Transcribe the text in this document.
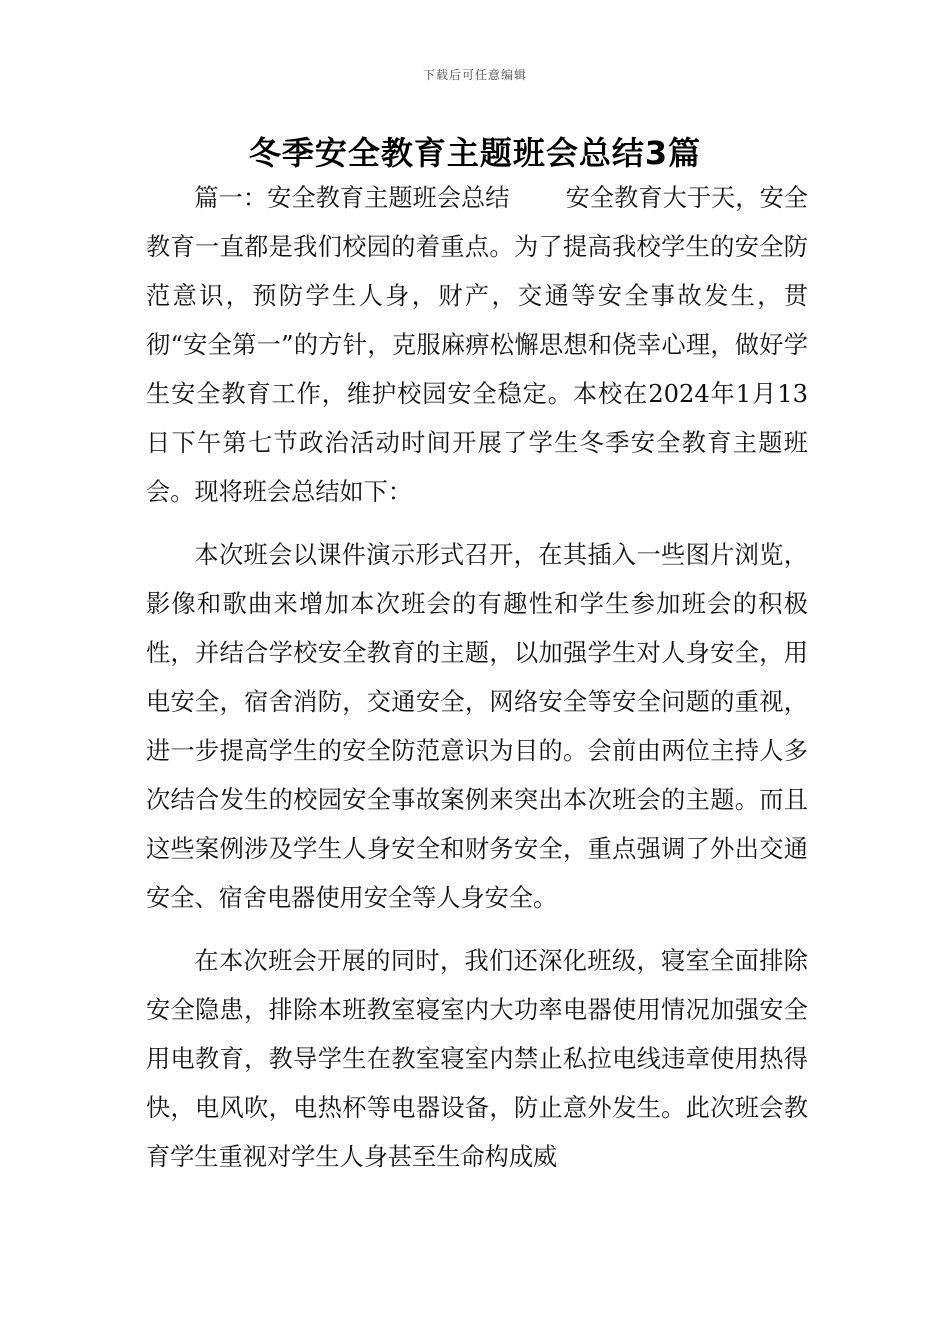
下载后可任意编辑
冬季安全教育主题班会总结3篇

篇一：安全教育主题班会总结 安全教育大于天，安全教育一直都是我们校园的着重点。为了提高我校学生的安全防范意识，预防学生人身，财产，交通等安全事故发生，贯彻“安全第一”的方针，克服麻痹松懈思想和侥幸心理，做好学生安全教育工作，维护校园安全稳定。本校在2024年1月13日下午第七节政治活动时间开展了学生冬季安全教育主题班会。现将班会总结如下：

本次班会以课件演示形式召开，在其插入一些图片浏览，影像和歌曲来增加本次班会的有趣性和学生参加班会的积极性，并结合学校安全教育的主题，以加强学生对人身安全，用电安全，宿舍消防，交通安全，网络安全等安全问题的重视，进一步提高学生的安全防范意识为目的。会前由两位主持人多次结合发生的校园安全事故案例来突出本次班会的主题。而且这些案例涉及学生人身安全和财务安全，重点强调了外出交通安全、宿舍电器使用安全等人身安全。

在本次班会开展的同时，我们还深化班级，寝室全面排除安全隐患，排除本班教室寝室内大功率电器使用情况加强安全用电教育，教导学生在教室寝室内禁止私拉电线违章使用热得快，电风吹，电热杯等电器设备，防止意外发生。此次班会教育学生重视对学生人身甚至生命构成威
